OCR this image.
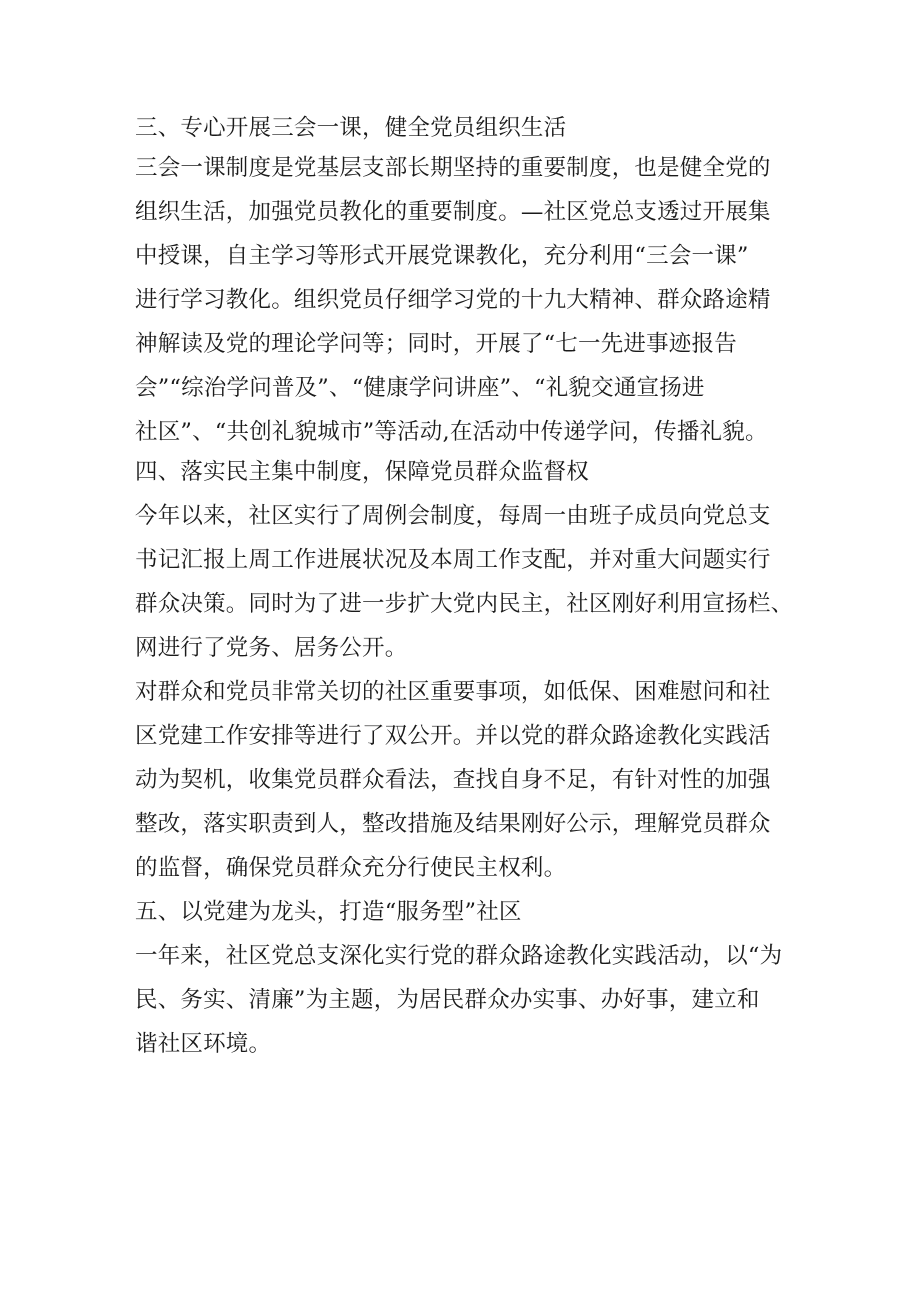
三、专心开展三会一课，健全党员组织生活
三会一课制度是党基层支部长期坚持的重要制度，也是健全党的
组织生活，加强党员教化的重要制度。—社区党总支透过开展集
中授课，自主学习等形式开展党课教化，充分利用“三会一课”
进行学习教化。组织党员仔细学习党的十九大精神、群众路途精
神解读及党的理论学问等；同时，开展了“七一先进事迹报告
会”“综治学问普及”、“健康学问讲座”、“礼貌交通宣扬进
社区”、“共创礼貌城市”等活动,在活动中传递学问，传播礼貌。
四、落实民主集中制度，保障党员群众监督权
今年以来，社区实行了周例会制度，每周一由班子成员向党总支
书记汇报上周工作进展状况及本周工作支配，并对重大问题实行
群众决策。同时为了进一步扩大党内民主，社区刚好利用宣扬栏、
网进行了党务、居务公开。
对群众和党员非常关切的社区重要事项，如低保、困难慰问和社
区党建工作安排等进行了双公开。并以党的群众路途教化实践活
动为契机，收集党员群众看法，查找自身不足，有针对性的加强
整改，落实职责到人，整改措施及结果刚好公示，理解党员群众
的监督，确保党员群众充分行使民主权利。
五、以党建为龙头，打造“服务型”社区
一年来，社区党总支深化实行党的群众路途教化实践活动，以“为
民、务实、清廉”为主题，为居民群众办实事、办好事，建立和
谐社区环境。
